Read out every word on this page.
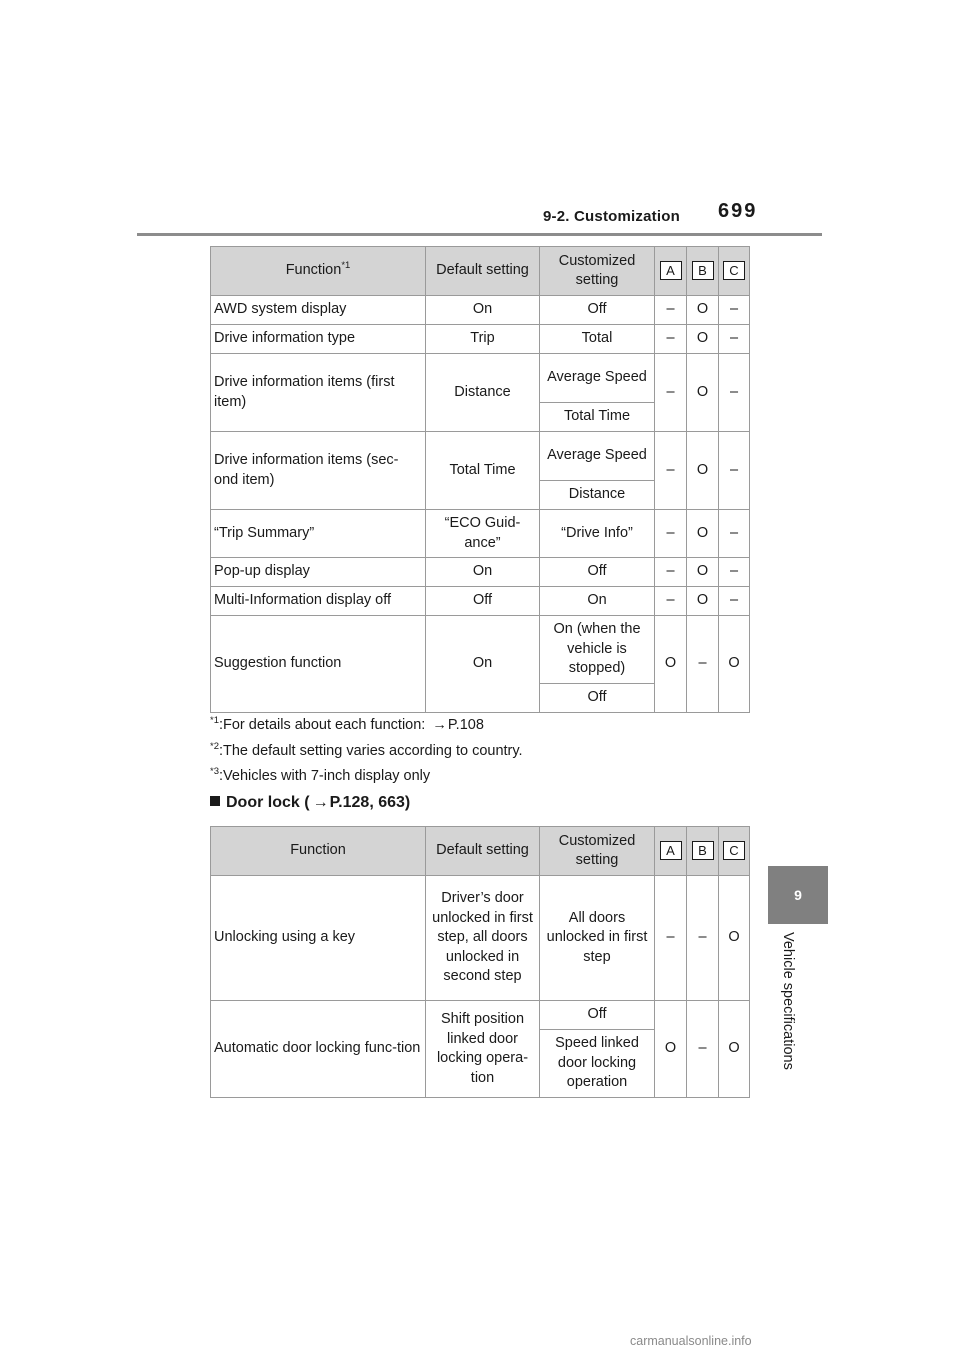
9-2. Customization 699
9
Vehicle specifications
Function$^{*1}$	Default setting	Customized setting	A	B	C
AWD system display	On	Off	–	O	–
Drive information type	Trip	Total	–	O	–
Drive information items (first item)	Distance	Average Speed	–	O	–
		Total Time			
Drive information items (sec-ond item)	Total Time	Average Speed	–	O	–
		Distance			
“Trip Summary”	“ECO Guid-ance”	“Drive Info”	–	O	–
Pop-up display	On	Off	–	O	–
Multi-Information display off	Off	On	–	O	–
Suggestion function	On	On (when the vehicle is stopped)	O	–	O
		Off			
$^{*1}$:For details about each function: →P.108
$^{*2}$:The default setting varies according to country.
$^{*3}$:Vehicles with 7-inch display only
Door lock ( →P.128, 663)
Function	Default setting	Customized setting	A	B	C
Unlocking using a key	Driver’s door unlocked in first step, all doors unlocked in second step	All doors unlocked in first step	–	–	O
Automatic door locking func-tion	Shift position linked door locking opera-tion	Off	O	–	O
		Speed linked door locking operation			
carmanualsonline.info
